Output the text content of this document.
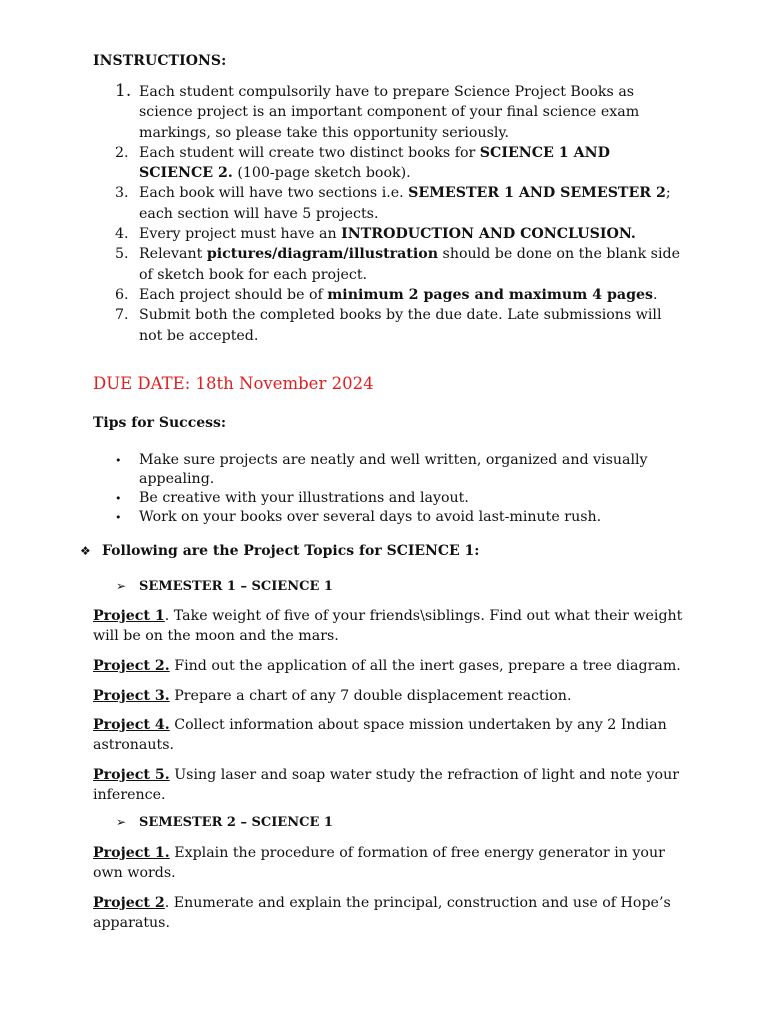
INSTRUCTIONS:
1. Each student compulsorily have to prepare Science Project Books as science project is an important component of your final science exam markings, so please take this opportunity seriously.
2. Each student will create two distinct books for SCIENCE 1 AND SCIENCE 2. (100-page sketch book).
3. Each book will have two sections i.e. SEMESTER 1 AND SEMESTER 2; each section will have 5 projects.
4. Every project must have an INTRODUCTION AND CONCLUSION.
5. Relevant pictures/diagram/illustration should be done on the blank side of sketch book for each project.
6. Each project should be of minimum 2 pages and maximum 4 pages.
7. Submit both the completed books by the due date. Late submissions will not be accepted.
DUE DATE: 18th November 2024
Tips for Success:
• Make sure projects are neatly and well written, organized and visually appealing.
• Be creative with your illustrations and layout.
• Work on your books over several days to avoid last-minute rush.
❖ Following are the Project Topics for SCIENCE 1:
➢ SEMESTER 1 – SCIENCE 1
Project 1. Take weight of five of your friends\siblings. Find out what their weight will be on the moon and the mars.
Project 2. Find out the application of all the inert gases, prepare a tree diagram.
Project 3. Prepare a chart of any 7 double displacement reaction.
Project 4. Collect information about space mission undertaken by any 2 Indian astronauts.
Project 5. Using laser and soap water study the refraction of light and note your inference.
➢ SEMESTER 2 – SCIENCE 1
Project 1. Explain the procedure of formation of free energy generator in your own words.
Project 2. Enumerate and explain the principal, construction and use of Hope’s apparatus.
